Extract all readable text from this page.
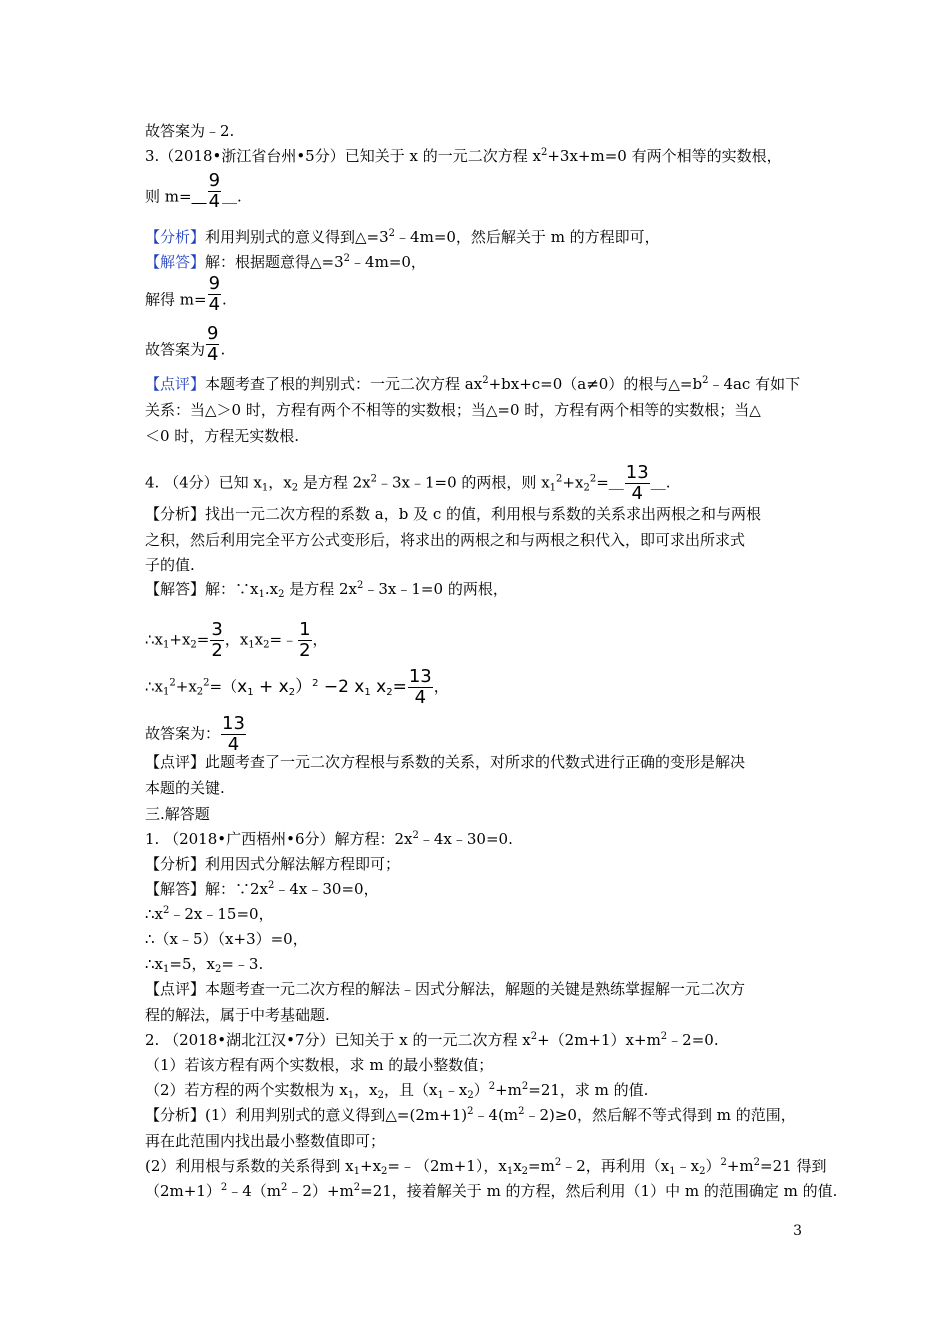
故答案为﹣2.
3.（2018•浙江省台州•5分）已知关于 x 的一元二次方程 $x^2+3x+m=0$ 有两个相等的实数根，
则 m=  $\frac{9}{4}$ ＿.
【分析】利用判别式的意义得到$\triangle=3^2﹣4m=0$，然后解关于 m 的方程即可，
【解答】解：根据题意得$\triangle=3^2﹣4m=0$，
解得 $m= \frac{9}{4}$ .
故答案为 $\frac{9}{4}$ .
【点评】本题考查了根的判别式：一元二次方程 $ax^2+bx+c=0(a\ne 0)$的根与$\triangle=b^2﹣4ac$ 有如下
关系：当△＞0 时，方程有两个不相等的实数根；当△=0 时，方程有两个相等的实数根；当△
＜0 时，方程无实数根.
4. （4分）已知 $x_1$，$x_2$ 是方程 $2x^2﹣3x﹣1=0$ 的两根，则 $x_1^2+x_2^2=\_ \frac{13}{4}$ ＿.
【分析】找出一元二次方程的系数 a，b 及 c 的值，利用根与系数的关系求出两根之和与两根
之积，然后利用完全平方公式变形后，将求出的两根之和与两根之积代入，即可求出所求式
子的值.
【解答】解：$\because x_1.x_2$ 是方程 $2x^2﹣3x﹣1=0$ 的两根，
$\therefore x_1+x_2= \frac{3}{2}$ ，$x_1x_2=﹣ \frac{1}{2}$ ，
$\therefore x_1^2+x_2^2=(x_1 + x_2)^2 -2$ $x_1$ $x_2= \frac{13}{4}$ ，
故答案为： $\frac{13}{4}$
【点评】此题考查了一元二次方程根与系数的关系，对所求的代数式进行正确的变形是解决
本题的关键.
三.解答题
1. （2018•广西梧州•6分）解方程：$2x^2﹣4x﹣30=0$.
【分析】利用因式分解法解方程即可；
【解答】解：$\because 2x^2﹣4x﹣30=0$，
$\therefore x^2﹣2x﹣15=0$，
∴（x﹣5）（x+3）=0，
$\therefore x_1=5$，$x_2=﹣3$.
【点评】本题考查一元二次方程的解法﹣因式分解法，解题的关键是熟练掌握解一元二次方
程的解法，属于中考基础题.
2. （2018•湖北江汉•7分）已知关于 x 的一元二次方程 $x^2+(2m+1)x+m^2﹣2=0$.
（1）若该方程有两个实数根，求 m 的最小整数值；
（2）若方程的两个实数根为 $x_1$，$x_2$，且$(x_1﹣x_2)^2+m^2=21$，求 m 的值.
【分析】(1）利用判别式的意义得到$\triangle=(2m+1)^2﹣4(m^2﹣2)\ge 0$，然后解不等式得到 m 的范围，
再在此范围内找出最小整数值即可；
(2）利用根与系数的关系得到 $x_1+x_2=﹣(2m+1)$，$x_1x_2=m^2﹣2$，再利用$(x_1﹣x_2)^2+m^2=21$ 得到
$(2m+1)^2﹣4(m^2﹣2)+m^2=21$，接着解关于 m 的方程，然后利用（1）中 m 的范围确定 m 的值.
3
